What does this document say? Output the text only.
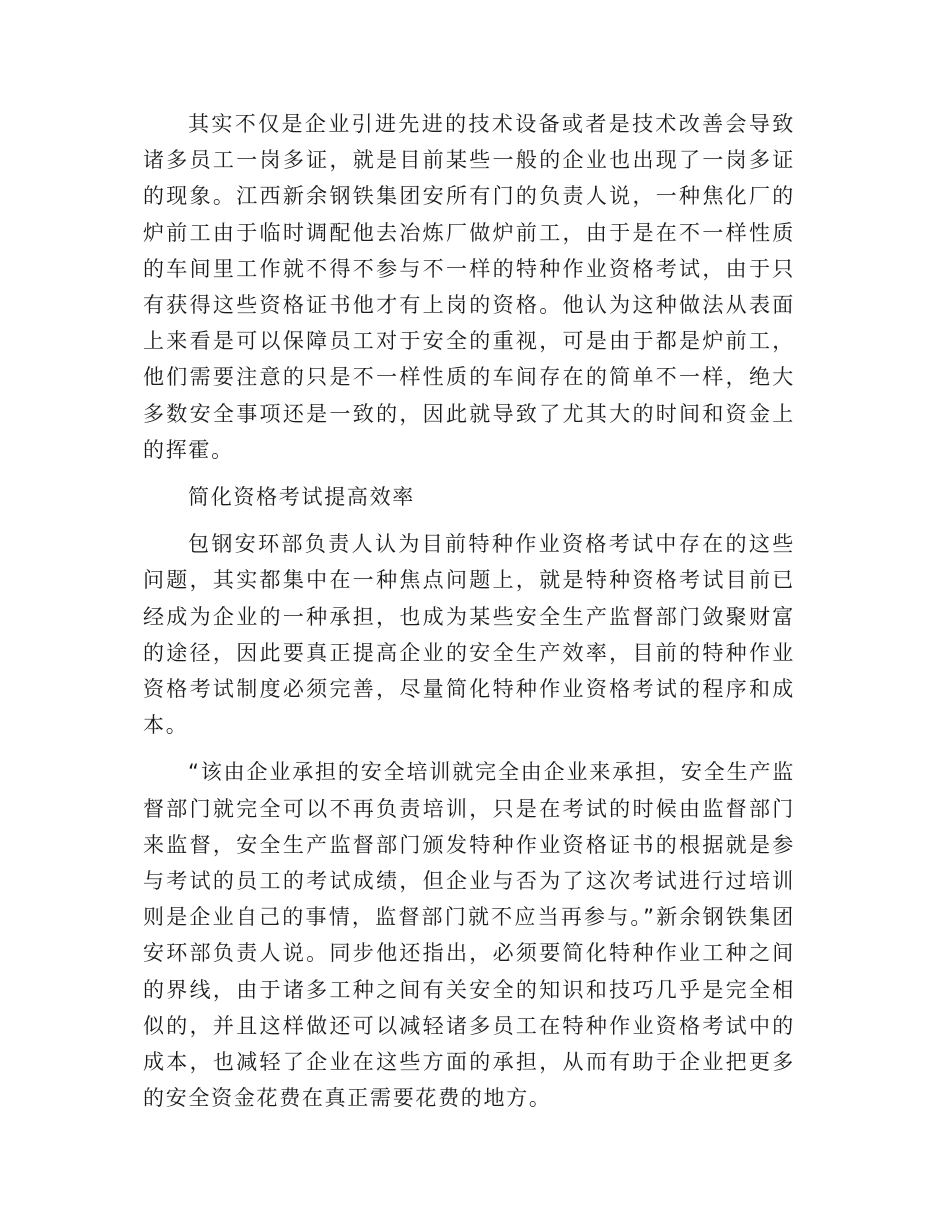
其实不仅是企业引进先进的技术设备或者是技术改善会导致诸多员工一岗多证，就是目前某些一般的企业也出现了一岗多证的现象。江西新余钢铁集团安所有门的负责人说，一种焦化厂的炉前工由于临时调配他去冶炼厂做炉前工，由于是在不一样性质的车间里工作就不得不参与不一样的特种作业资格考试，由于只有获得这些资格证书他才有上岗的资格。他认为这种做法从表面上来看是可以保障员工对于安全的重视，可是由于都是炉前工，他们需要注意的只是不一样性质的车间存在的简单不一样，绝大多数安全事项还是一致的，因此就导致了尤其大的时间和资金上的挥霍。

简化资格考试提高效率

包钢安环部负责人认为目前特种作业资格考试中存在的这些问题，其实都集中在一种焦点问题上，就是特种资格考试目前已经成为企业的一种承担，也成为某些安全生产监督部门敛聚财富的途径，因此要真正提高企业的安全生产效率，目前的特种作业资格考试制度必须完善，尽量简化特种作业资格考试的程序和成本。

“该由企业承担的安全培训就完全由企业来承担，安全生产监督部门就完全可以不再负责培训，只是在考试的时候由监督部门来监督，安全生产监督部门颁发特种作业资格证书的根据就是参与考试的员工的考试成绩，但企业与否为了这次考试进行过培训则是企业自己的事情，监督部门就不应当再参与。”新余钢铁集团安环部负责人说。同步他还指出，必须要简化特种作业工种之间的界线，由于诸多工种之间有关安全的知识和技巧几乎是完全相似的，并且这样做还可以减轻诸多员工在特种作业资格考试中的成本，也减轻了企业在这些方面的承担，从而有助于企业把更多的安全资金花费在真正需要花费的地方。
